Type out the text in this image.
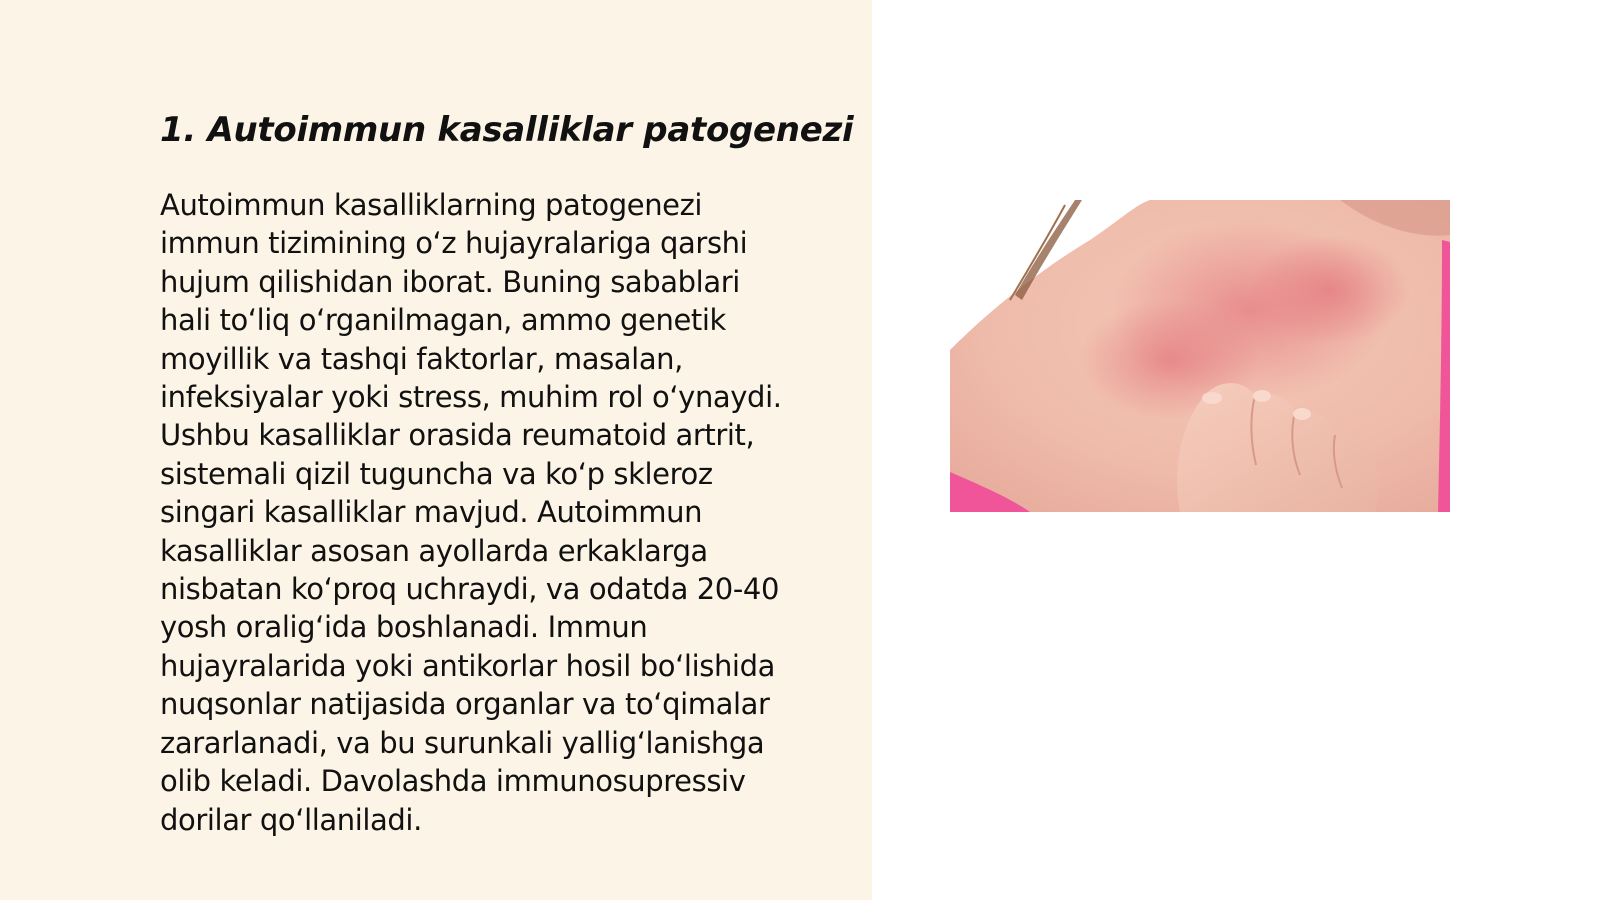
1. Autoimmun kasalliklar patogenezi
Autoimmun kasalliklarning patogenezi
immun tizimining o‘z hujayralariga qarshi
hujum qilishidan iborat. Buning sabablari
hali to‘liq o‘rganilmagan, ammo genetik
moyillik va tashqi faktorlar, masalan,
infeksiyalar yoki stress, muhim rol o‘ynaydi.
Ushbu kasalliklar orasida reumatoid artrit,
sistemali qizil tuguncha va ko‘p skleroz
singari kasalliklar mavjud. Autoimmun
kasalliklar asosan ayollarda erkaklarga
nisbatan ko‘proq uchraydi, va odatda 20-40
yosh oralig‘ida boshlanadi. Immun
hujayralarida yoki antikorlar hosil bo‘lishida
nuqsonlar natijasida organlar va to‘qimalar
zararlanadi, va bu surunkali yallig‘lanishga
olib keladi. Davolashda immunosupressiv
dorilar qo‘llaniladi.
